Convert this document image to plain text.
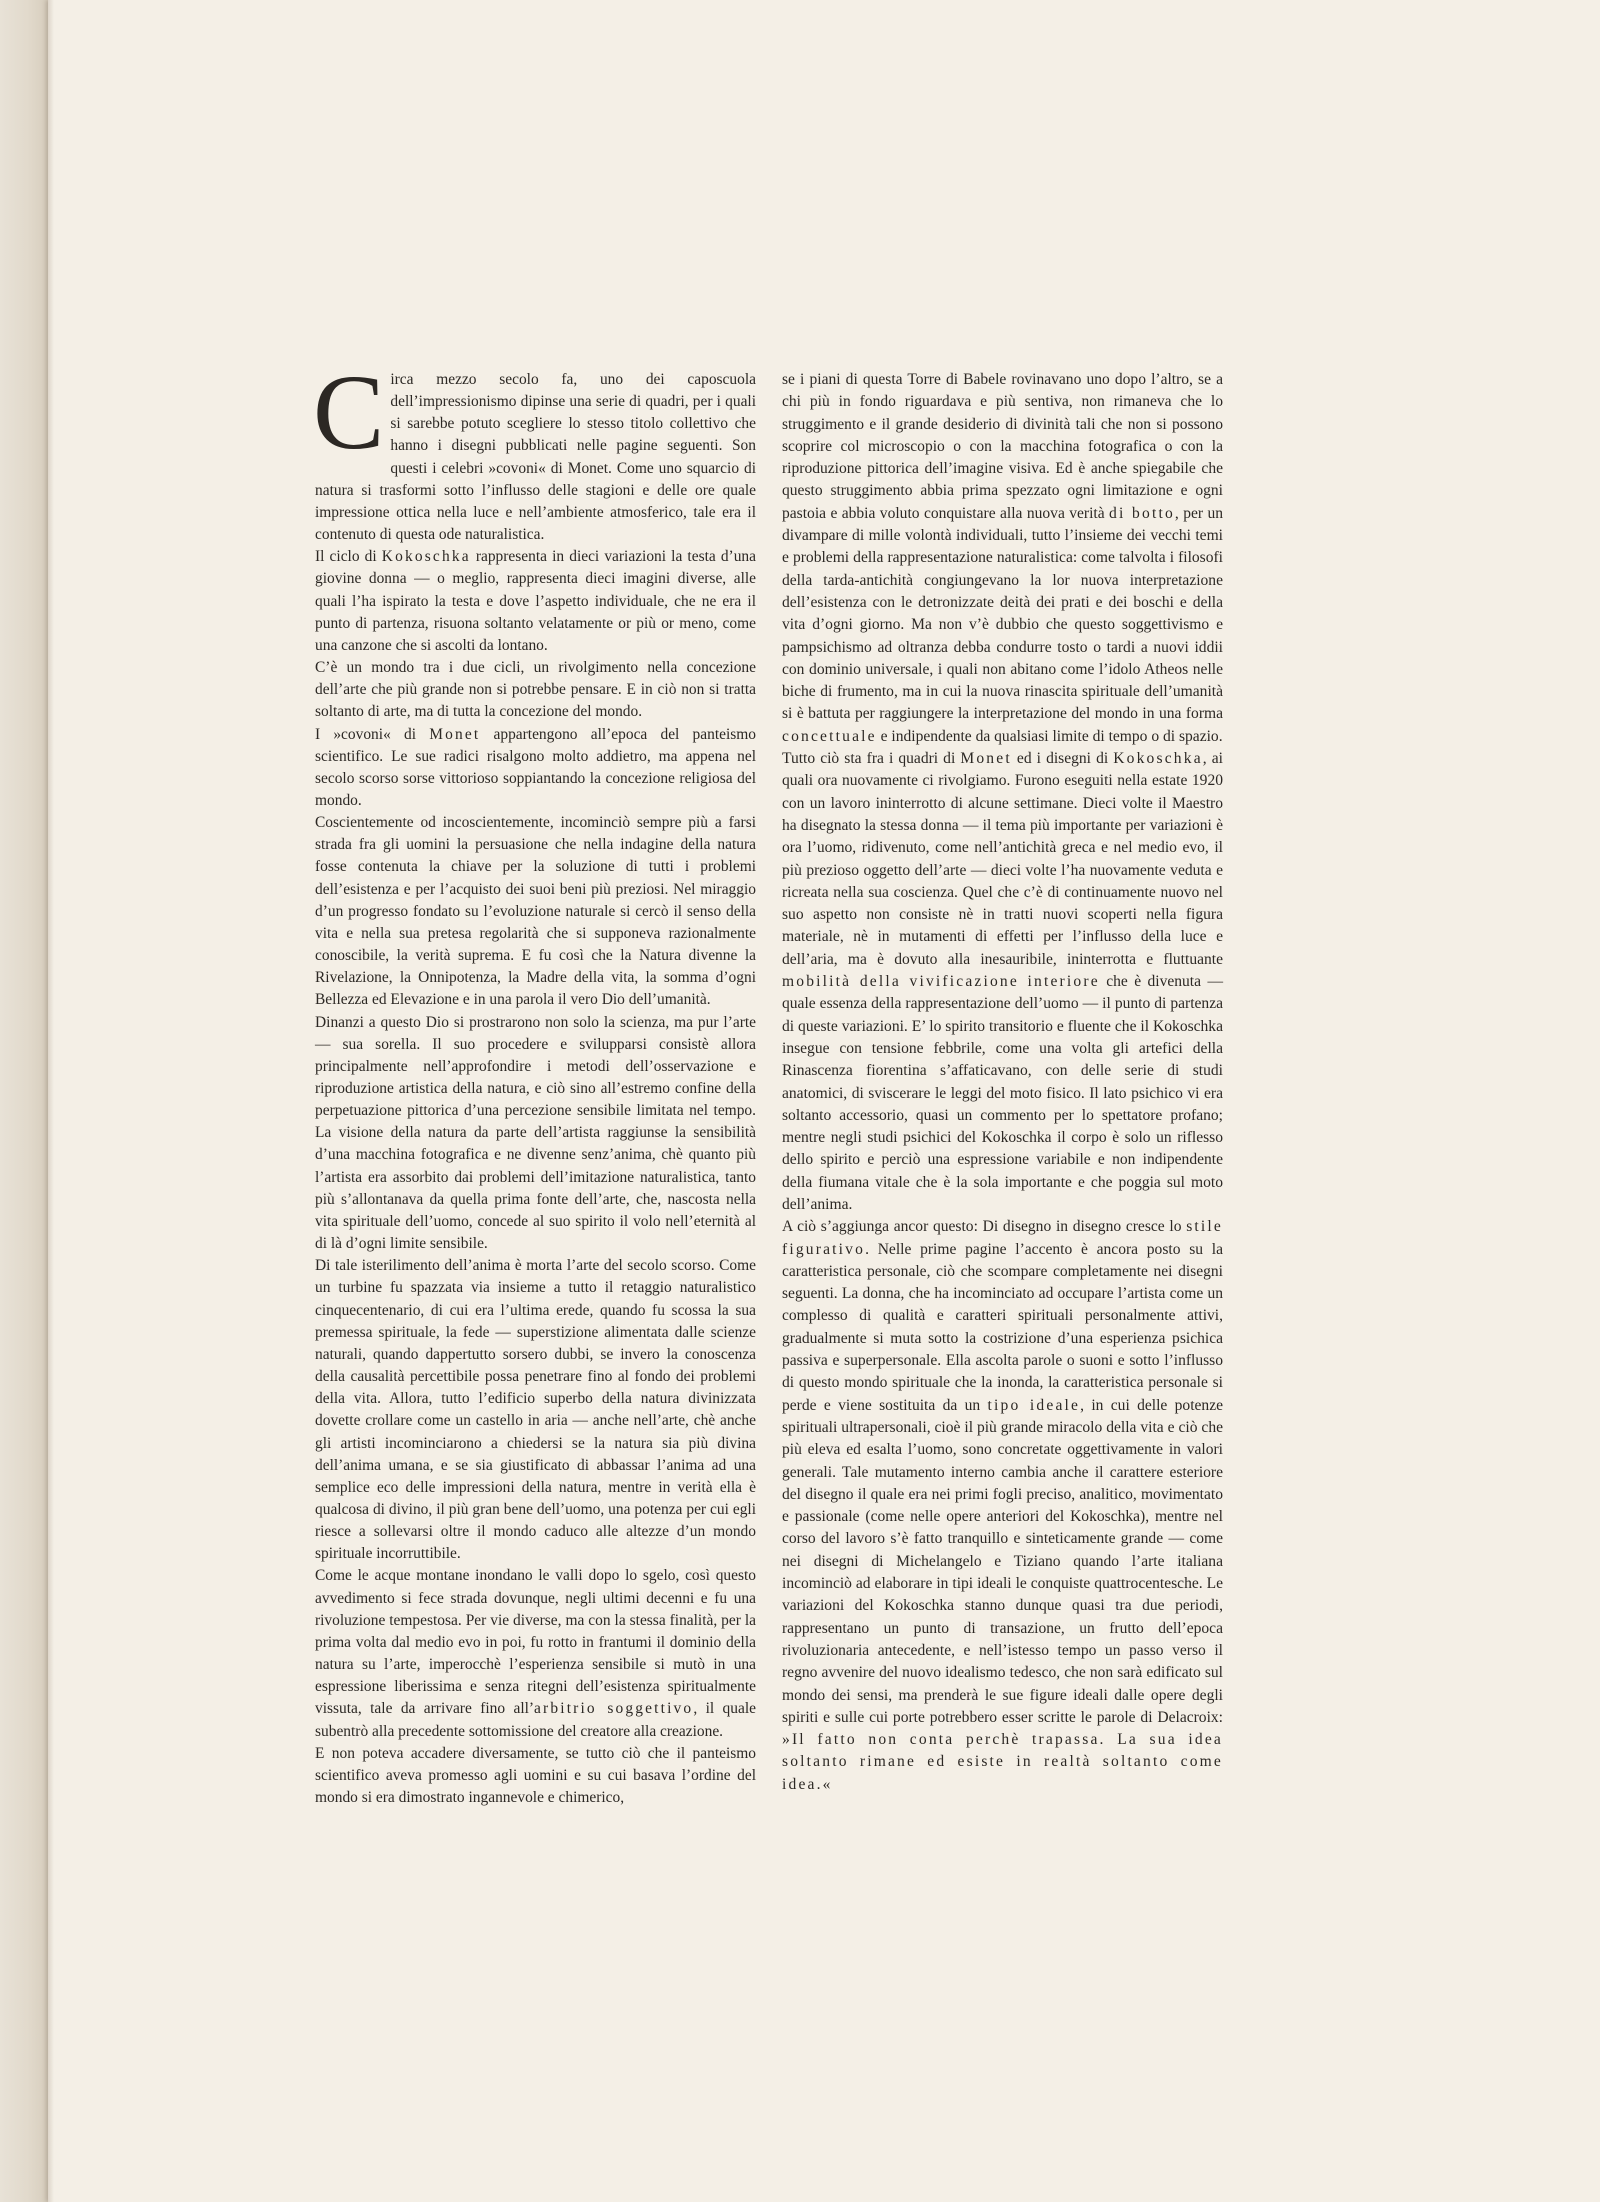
C irca mezzo secolo fa, uno dei caposcuola dell’impressionismo dipinse una serie di quadri, per i quali si sarebbe potuto scegliere lo stesso titolo collettivo che hanno i disegni pubblicati nelle pagine seguenti. Son questi i celebri »covoni« di Monet. Come uno squarcio di natura si trasformi sotto l’influsso delle stagioni e delle ore quale impressione ottica nella luce e nell’ambiente atmosferico, tale era il contenuto di questa ode naturalistica.

Il ciclo di Kokoschka rappresenta in dieci variazioni la testa d’una giovine donna — o meglio, rappresenta dieci imagini diverse, alle quali l’ha ispirato la testa e dove l’aspetto individuale, che ne era il punto di partenza, risuona soltanto velatamente or più or meno, come una canzone che si ascolti da lontano.

C’è un mondo tra i due cicli, un rivolgimento nella concezione dell’arte che più grande non si potrebbe pensare. E in ciò non si tratta soltanto di arte, ma di tutta la concezione del mondo.

I »covoni« di Monet appartengono all’epoca del panteismo scientifico. Le sue radici risalgono molto addietro, ma appena nel secolo scorso sorse vittorioso soppiantando la concezione religiosa del mondo.

Coscientemente od incoscientemente, incominciò sempre più a farsi strada fra gli uomini la persuasione che nella indagine della natura fosse contenuta la chiave per la soluzione di tutti i problemi dell’esistenza e per l’acquisto dei suoi beni più preziosi. Nel miraggio d’un progresso fondato su l’evoluzione naturale si cercò il senso della vita e nella sua pretesa regolarità che si supponeva razionalmente conoscibile, la verità suprema. E fu così che la Natura divenne la Rivelazione, la Onnipotenza, la Madre della vita, la somma d’ogni Bellezza ed Elevazione e in una parola il vero Dio dell’umanità.

Dinanzi a questo Dio si prostrarono non solo la scienza, ma pur l’arte — sua sorella. Il suo procedere e svilupparsi consistè allora principalmente nell’approfondire i metodi dell’osservazione e riproduzione artistica della natura, e ciò sino all’estremo confine della perpetuazione pittorica d’una percezione sensibile limitata nel tempo. La visione della natura da parte dell’artista raggiunse la sensibilità d’una macchina fotografica e ne divenne senz’anima, chè quanto più l’artista era assorbito dai problemi dell’imitazione naturalistica, tanto più s’allontanava da quella prima fonte dell’arte, che, nascosta nella vita spirituale dell’uomo, concede al suo spirito il volo nell’eternità al di là d’ogni limite sensibile.

Di tale isterilimento dell’anima è morta l’arte del secolo scorso. Come un turbine fu spazzata via insieme a tutto il retaggio naturalistico cinquecentenario, di cui era l’ultima erede, quando fu scossa la sua premessa spirituale, la fede — superstizione alimentata dalle scienze naturali, quando dappertutto sorsero dubbi, se invero la conoscenza della causalità percettibile possa penetrare fino al fondo dei problemi della vita. Allora, tutto l’edificio superbo della natura divinizzata dovette crollare come un castello in aria — anche nell’arte, chè anche gli artisti incominciarono a chiedersi se la natura sia più divina dell’anima umana, e se sia giustificato di abbassar l’anima ad una semplice eco delle impressioni della natura, mentre in verità ella è qualcosa di divino, il più gran bene dell’uomo, una potenza per cui egli riesce a sollevarsi oltre il mondo caduco alle altezze d’un mondo spirituale incorruttibile.

Come le acque montane inondano le valli dopo lo sgelo, così questo avvedimento si fece strada dovunque, negli ultimi decenni e fu una rivoluzione tempestosa. Per vie diverse, ma con la stessa finalità, per la prima volta dal medio evo in poi, fu rotto in frantumi il dominio della natura su l’arte, imperocchè l’esperienza sensibile si mutò in una espressione liberissima e senza ritegni dell’esistenza spiritualmente vissuta, tale da arrivare fino all’arbitrio soggettivo, il quale subentrò alla precedente sottomissione del creatore alla creazione.

E non poteva accadere diversamente, se tutto ciò che il panteismo scientifico aveva promesso agli uomini e su cui basava l’ordine del mondo si era dimostrato ingannevole e chimerico,

se i piani di questa Torre di Babele rovinavano uno dopo l’altro, se a chi più in fondo riguardava e più sentiva, non rimaneva che lo struggimento e il grande desiderio di divinità tali che non si possono scoprire col microscopio o con la macchina fotografica o con la riproduzione pittorica dell’imagine visiva. Ed è anche spiegabile che questo struggimento abbia prima spezzato ogni limitazione e ogni pastoia e abbia voluto conquistare alla nuova verità di botto, per un divampare di mille volontà individuali, tutto l’insieme dei vecchi temi e problemi della rappresentazione naturalistica: come talvolta i filosofi della tarda-antichità congiungevano la lor nuova interpretazione dell’esistenza con le detronizzate deità dei prati e dei boschi e della vita d’ogni giorno. Ma non v’è dubbio che questo soggettivismo e pampsichismo ad oltranza debba condurre tosto o tardi a nuovi iddii con dominio universale, i quali non abitano come l’idolo Atheos nelle biche di frumento, ma in cui la nuova rinascita spirituale dell’umanità si è battuta per raggiungere la interpretazione del mondo in una forma concettuale e indipendente da qualsiasi limite di tempo o di spazio.

Tutto ciò sta fra i quadri di Monet ed i disegni di Kokoschka, ai quali ora nuovamente ci rivolgiamo. Furono eseguiti nella estate 1920 con un lavoro ininterrotto di alcune settimane. Dieci volte il Maestro ha disegnato la stessa donna — il tema più importante per variazioni è ora l’uomo, ridivenuto, come nell’antichità greca e nel medio evo, il più prezioso oggetto dell’arte — dieci volte l’ha nuovamente veduta e ricreata nella sua coscienza. Quel che c’è di continuamente nuovo nel suo aspetto non consiste nè in tratti nuovi scoperti nella figura materiale, nè in mutamenti di effetti per l’influsso della luce e dell’aria, ma è dovuto alla inesauribile, ininterrotta e fluttuante mobilità della vivificazione interiore che è divenuta — quale essenza della rappresentazione dell’uomo — il punto di partenza di queste variazioni. E’ lo spirito transitorio e fluente che il Kokoschka insegue con tensione febbrile, come una volta gli artefici della Rinascenza fiorentina s’affaticavano, con delle serie di studi anatomici, di sviscerare le leggi del moto fisico. Il lato psichico vi era soltanto accessorio, quasi un commento per lo spettatore profano; mentre negli studi psichici del Kokoschka il corpo è solo un riflesso dello spirito e perciò una espressione variabile e non indipendente della fiumana vitale che è la sola importante e che poggia sul moto dell’anima.

A ciò s’aggiunga ancor questo: Di disegno in disegno cresce lo stile figurativo. Nelle prime pagine l’accento è ancora posto su la caratteristica personale, ciò che scompare completamente nei disegni seguenti. La donna, che ha incominciato ad occupare l’artista come un complesso di qualità e caratteri spirituali personalmente attivi, gradualmente si muta sotto la costrizione d’una esperienza psichica passiva e superpersonale. Ella ascolta parole o suoni e sotto l’influsso di questo mondo spirituale che la inonda, la caratteristica personale si perde e viene sostituita da un tipo ideale, in cui delle potenze spirituali ultrapersonali, cioè il più grande miracolo della vita e ciò che più eleva ed esalta l’uomo, sono concretate oggettivamente in valori generali. Tale mutamento interno cambia anche il carattere esteriore del disegno il quale era nei primi fogli preciso, analitico, movimentato e passionale (come nelle opere anteriori del Kokoschka), mentre nel corso del lavoro s’è fatto tranquillo e sinteticamente grande — come nei disegni di Michelangelo e Tiziano quando l’arte italiana incominciò ad elaborare in tipi ideali le conquiste quattrocentesche. Le variazioni del Kokoschka stanno dunque quasi tra due periodi, rappresentano un punto di transazione, un frutto dell’epoca rivoluzionaria antecedente, e nell’istesso tempo un passo verso il regno avvenire del nuovo idealismo tedesco, che non sarà edificato sul mondo dei sensi, ma prenderà le sue figure ideali dalle opere degli spiriti e sulle cui porte potrebbero esser scritte le parole di Delacroix: »Il fatto non conta perchè trapassa. La sua idea soltanto rimane ed esiste in realtà soltanto come idea.«
